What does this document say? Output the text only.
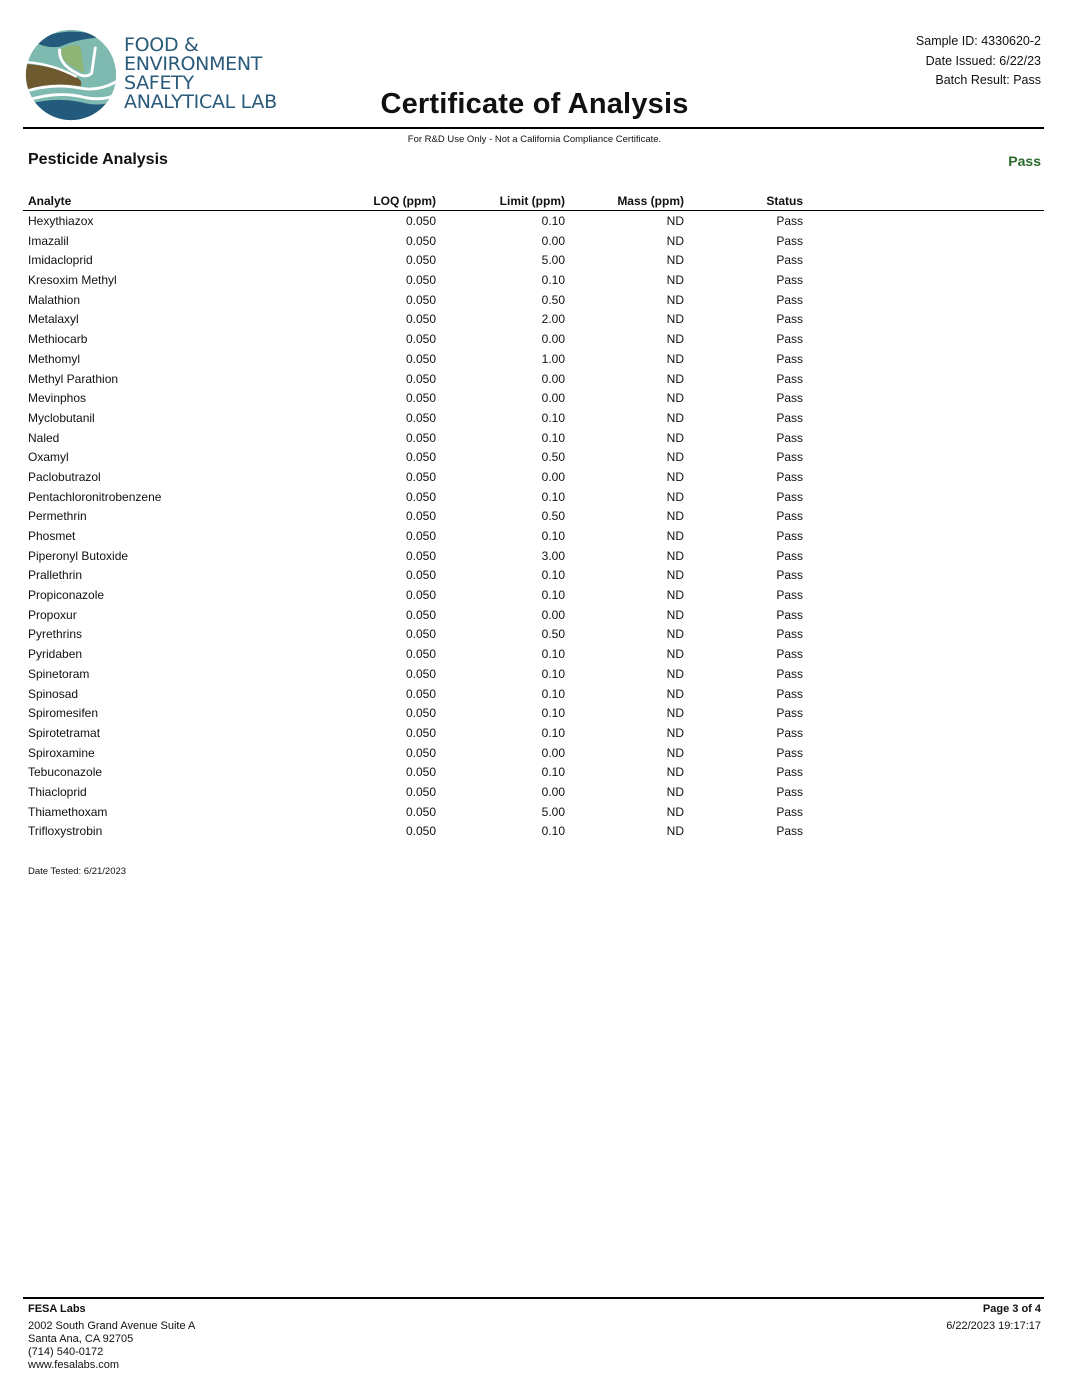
FOOD &
ENVIRONMENT
SAFETY
ANALYTICAL LAB
Sample ID: 4330620-2
Date Issued: 6/22/23
Batch Result: Pass
Certificate of Analysis
For R&D Use Only - Not a California Compliance Certificate.
Pesticide Analysis	Pass
Analyte	LOQ (ppm)	Limit (ppm)	Mass (ppm)	Status
Hexythiazox	0.050	0.10	ND	Pass
Imazalil	0.050	0.00	ND	Pass
Imidacloprid	0.050	5.00	ND	Pass
Kresoxim Methyl	0.050	0.10	ND	Pass
Malathion	0.050	0.50	ND	Pass
Metalaxyl	0.050	2.00	ND	Pass
Methiocarb	0.050	0.00	ND	Pass
Methomyl	0.050	1.00	ND	Pass
Methyl Parathion	0.050	0.00	ND	Pass
Mevinphos	0.050	0.00	ND	Pass
Myclobutanil	0.050	0.10	ND	Pass
Naled	0.050	0.10	ND	Pass
Oxamyl	0.050	0.50	ND	Pass
Paclobutrazol	0.050	0.00	ND	Pass
Pentachloronitrobenzene	0.050	0.10	ND	Pass
Permethrin	0.050	0.50	ND	Pass
Phosmet	0.050	0.10	ND	Pass
Piperonyl Butoxide	0.050	3.00	ND	Pass
Prallethrin	0.050	0.10	ND	Pass
Propiconazole	0.050	0.10	ND	Pass
Propoxur	0.050	0.00	ND	Pass
Pyrethrins	0.050	0.50	ND	Pass
Pyridaben	0.050	0.10	ND	Pass
Spinetoram	0.050	0.10	ND	Pass
Spinosad	0.050	0.10	ND	Pass
Spiromesifen	0.050	0.10	ND	Pass
Spirotetramat	0.050	0.10	ND	Pass
Spiroxamine	0.050	0.00	ND	Pass
Tebuconazole	0.050	0.10	ND	Pass
Thiacloprid	0.050	0.00	ND	Pass
Thiamethoxam	0.050	5.00	ND	Pass
Trifloxystrobin	0.050	0.10	ND	Pass
Date Tested: 6/21/2023
FESA Labs
2002 South Grand Avenue Suite A
Santa Ana, CA 92705
(714) 540-0172
www.fesalabs.com
Page 3 of 4
6/22/2023 19:17:17
